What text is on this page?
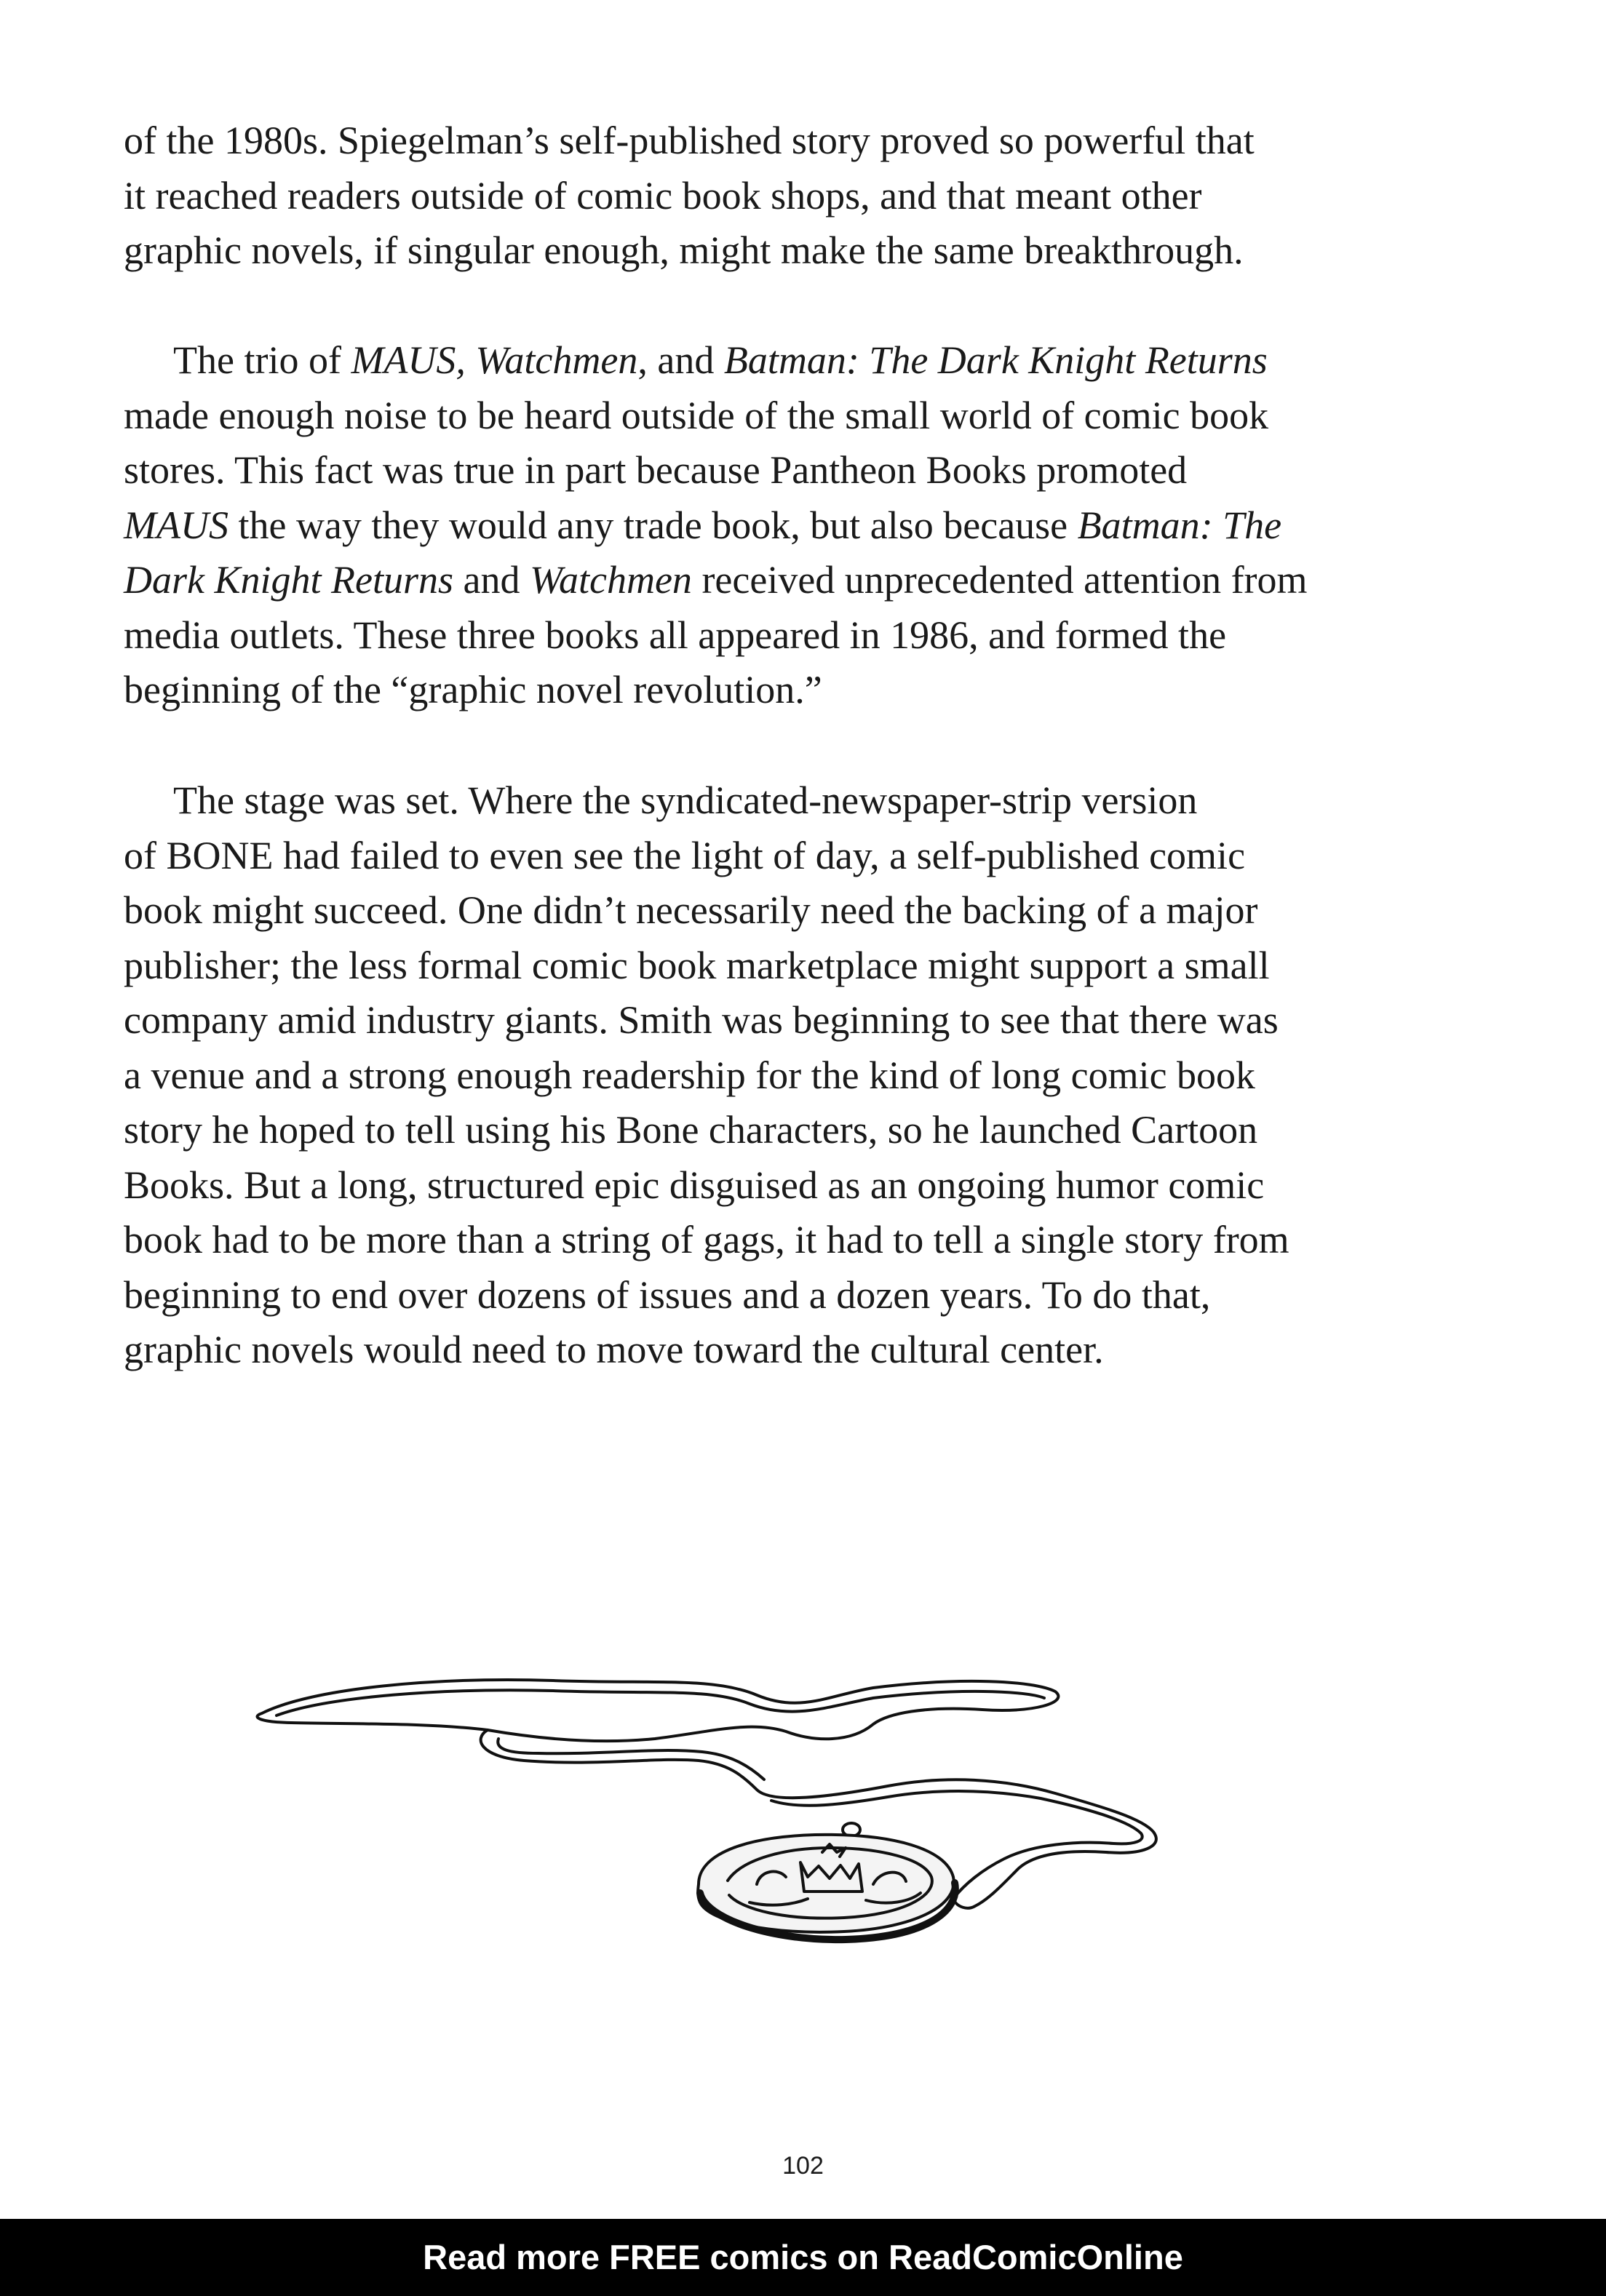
of the 1980s. Spiegelman’s self-published story proved so powerful that
it reached readers outside of comic book shops, and that meant other
graphic novels, if singular enough, might make the same breakthrough.
The trio of MAUS, Watchmen, and Batman: The Dark Knight Returns
made enough noise to be heard outside of the small world of comic book
stores. This fact was true in part because Pantheon Books promoted
MAUS the way they would any trade book, but also because Batman: The
Dark Knight Returns and Watchmen received unprecedented attention from
media outlets. These three books all appeared in 1986, and formed the
beginning of the “graphic novel revolution.”
The stage was set. Where the syndicated-newspaper-strip version
of BONE had failed to even see the light of day, a self-published comic
book might succeed. One didn’t necessarily need the backing of a major
publisher; the less formal comic book marketplace might support a small
company amid industry giants. Smith was beginning to see that there was
a venue and a strong enough readership for the kind of long comic book
story he hoped to tell using his Bone characters, so he launched Cartoon
Books. But a long, structured epic disguised as an ongoing humor comic
book had to be more than a string of gags, it had to tell a single story from
beginning to end over dozens of issues and a dozen years. To do that,
graphic novels would need to move toward the cultural center.
102
Read more FREE comics on ReadComicOnline
